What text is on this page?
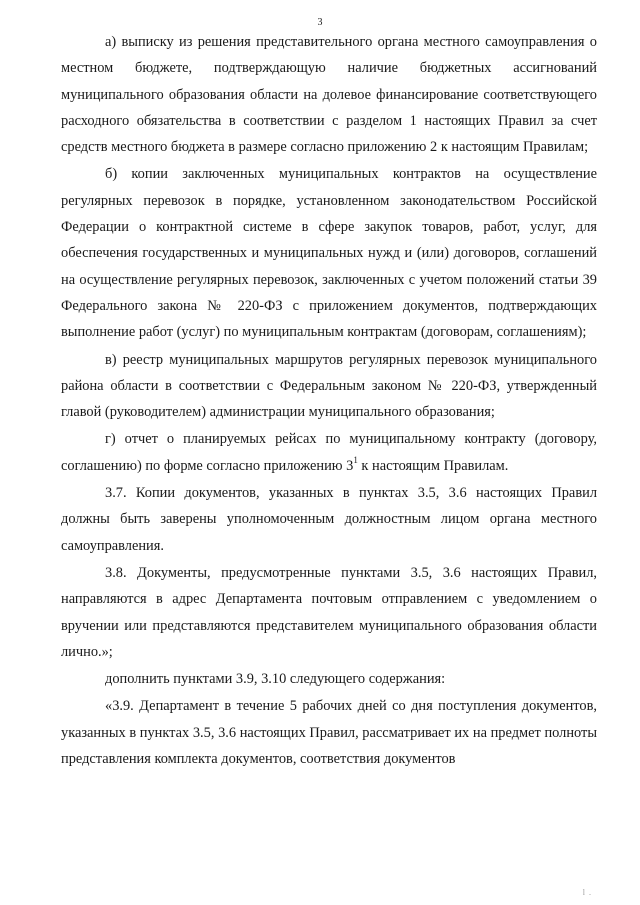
3

а) выписку из решения представительного органа местного самоуправления о местном бюджете, подтверждающую наличие бюджетных ассигнований муниципального образования области на долевое финансирование соответствующего расходного обязательства в соответствии с разделом 1 настоящих Правил за счет средств местного бюджета в размере согласно приложению 2 к настоящим Правилам;

б) копии заключенных муниципальных контрактов на осуществление регулярных перевозок в порядке, установленном законодательством Российской Федерации о контрактной системе в сфере закупок товаров, работ, услуг, для обеспечения государственных и муниципальных нужд и (или) договоров, соглашений на осуществление регулярных перевозок, заключенных с учетом положений статьи 39 Федерального закона № 220-ФЗ с приложением документов, подтверждающих выполнение работ (услуг) по муниципальным контрактам (договорам, соглашениям);

в) реестр муниципальных маршрутов регулярных перевозок муниципального района области в соответствии с Федеральным законом № 220-ФЗ, утвержденный главой (руководителем) администрации муниципального образования;

г) отчет о планируемых рейсах по муниципальному контракту (договору, соглашению) по форме согласно приложению $3^1$ к настоящим Правилам.

3.7. Копии документов, указанных в пунктах 3.5, 3.6 настоящих Правил должны быть заверены уполномоченным должностным лицом органа местного самоуправления.

3.8. Документы, предусмотренные пунктами 3.5, 3.6 настоящих Правил, направляются в адрес Департамента почтовым отправлением с уведомлением о вручении или представляются представителем муниципального образования области лично.»;

дополнить пунктами 3.9, 3.10 следующего содержания:

«3.9. Департамент в течение 5 рабочих дней со дня поступления документов, указанных в пунктах 3.5, 3.6 настоящих Правил, рассматривает их на предмет полноты представления комплекта документов, соответствия документов

l .
